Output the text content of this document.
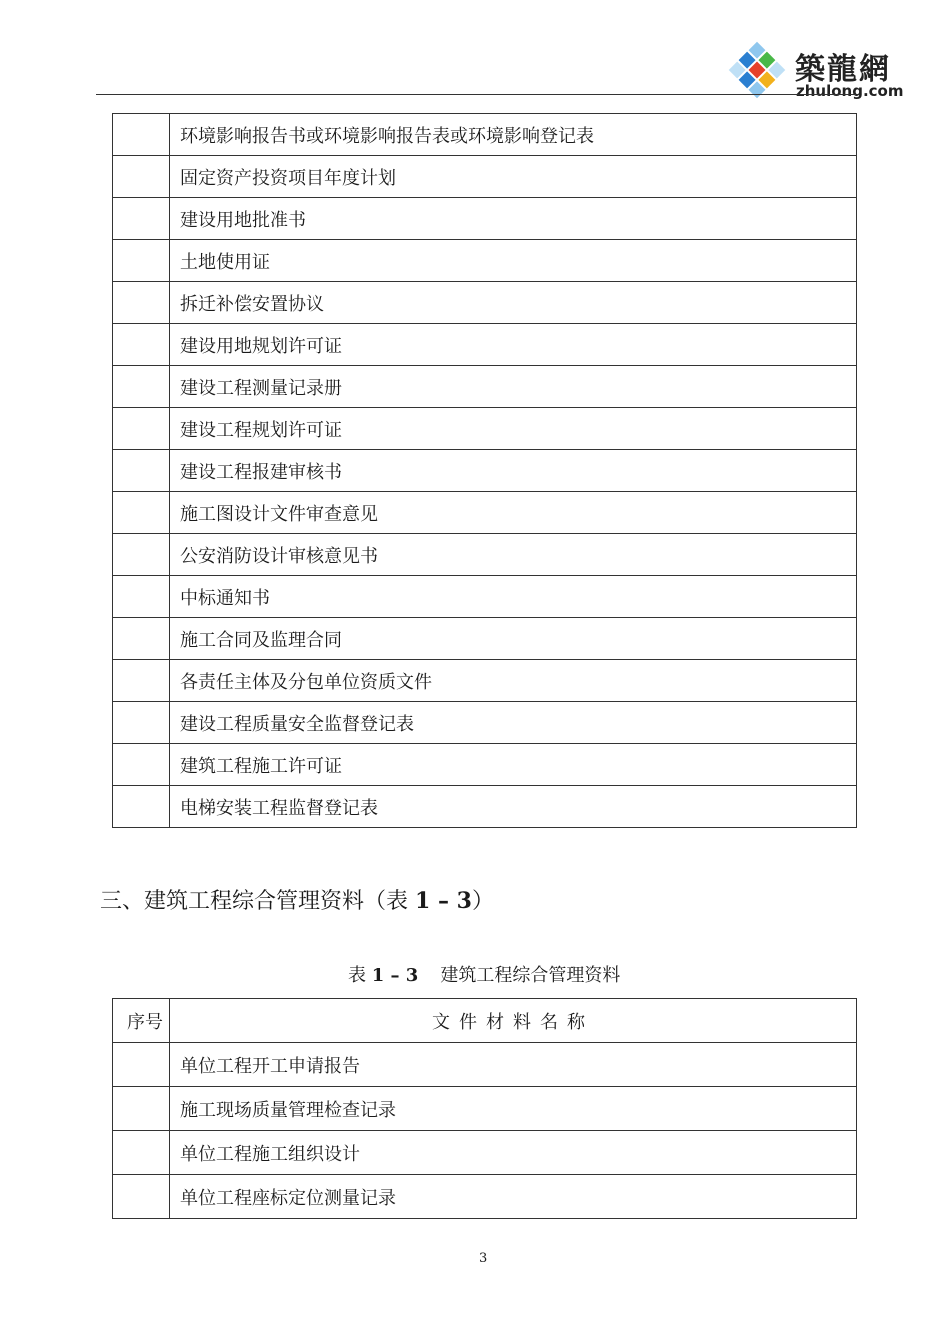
築龍網
zhulong.com
	环境影响报告书或环境影响报告表或环境影响登记表
	固定资产投资项目年度计划
	建设用地批准书
	土地使用证
	拆迁补偿安置协议
	建设用地规划许可证
	建设工程测量记录册
	建设工程规划许可证
	建设工程报建审核书
	施工图设计文件审查意见
	公安消防设计审核意见书
	中标通知书
	施工合同及监理合同
	各责任主体及分包单位资质文件
	建设工程质量安全监督登记表
	建筑工程施工许可证
	电梯安装工程监督登记表
三、建筑工程综合管理资料（表 1 – 3）
表 1 – 3 建筑工程综合管理资料
序号	文件材料名称
	单位工程开工申请报告
	施工现场质量管理检查记录
	单位工程施工组织设计
	单位工程座标定位测量记录
3
